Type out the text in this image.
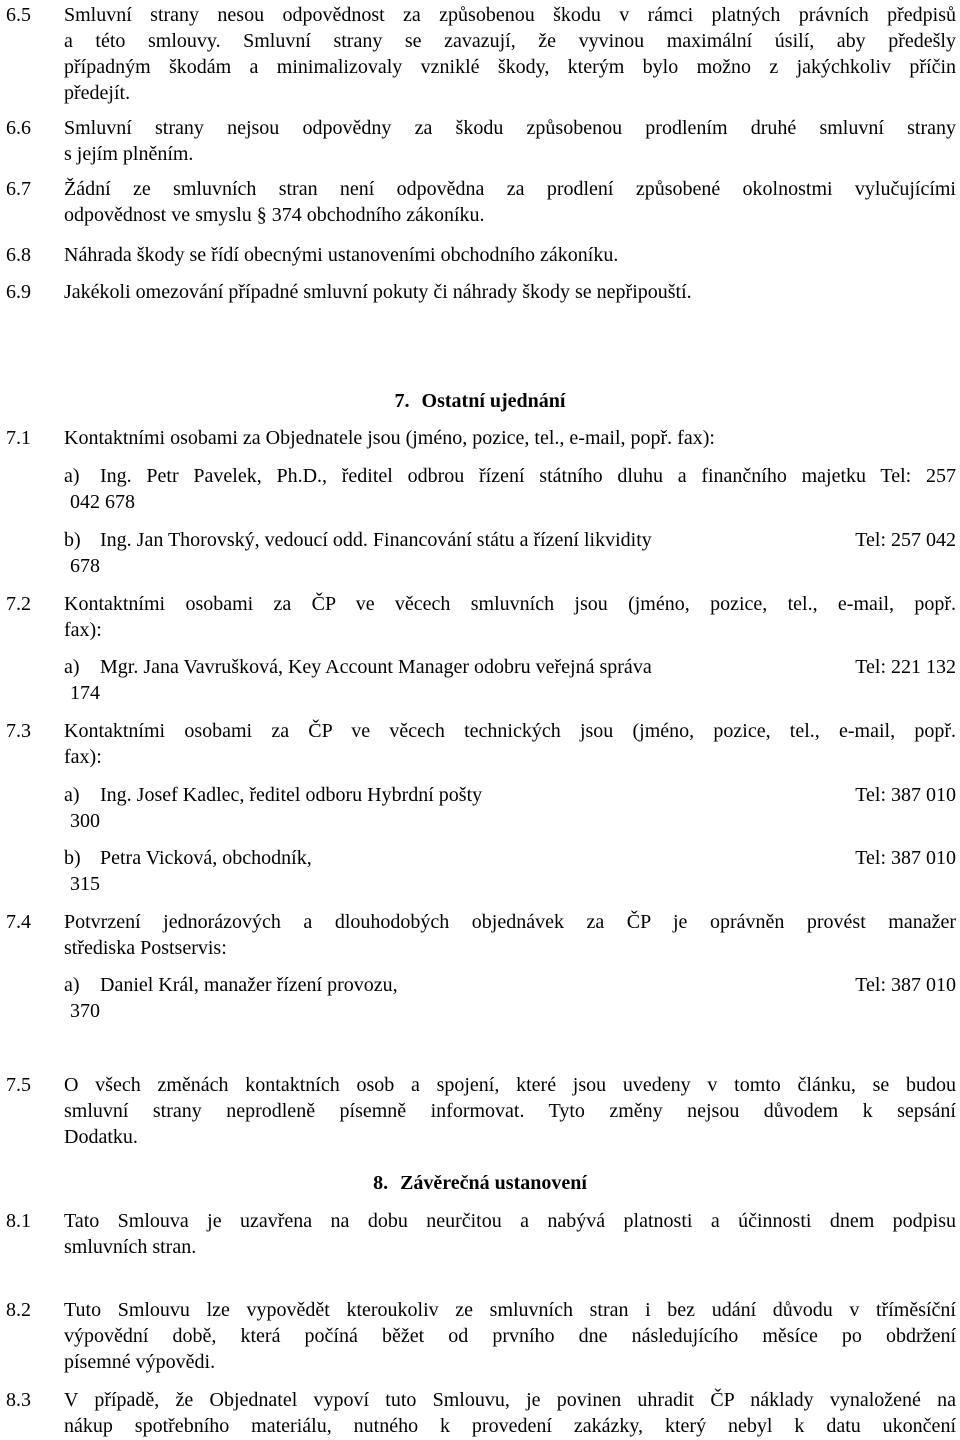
6.5 Smluvní strany nesou odpovědnost za způsobenou škodu v rámci platných právních předpisů
a této smlouvy. Smluvní strany se zavazují, že vyvinou maximální úsilí, aby předešly
případným škodám a minimalizovaly vzniklé škody, kterým bylo možno z jakýchkoliv příčin
předejít.
6.6 Smluvní strany nejsou odpovědny za škodu způsobenou prodlením druhé smluvní strany
s jejím plněním.
6.7 Žádní ze smluvních stran není odpovědna za prodlení způsobené okolnostmi vylučujícími
odpovědnost ve smyslu § 374 obchodního zákoníku.
6.8 Náhrada škody se řídí obecnými ustanoveními obchodního zákoníku.
6.9 Jakékoli omezování případné smluvní pokuty či náhrady škody se nepřipouští.
7. Ostatní ujednání
7.1 Kontaktními osobami za Objednatele jsou (jméno, pozice, tel., e-mail, popř. fax):
a) Ing. Petr Pavelek, Ph.D., ředitel odbrou řízení státního dluhu a finančního majetku Tel: 257
042 678
b) Ing. Jan Thorovský, vedoucí odd. Financování státu a řízení likvidity	Tel: 257 042
678
7.2 Kontaktními osobami za ČP ve věcech smluvních jsou (jméno, pozice, tel., e-mail, popř.
fax):
a) Mgr. Jana Vavrušková, Key Account Manager odobru veřejná správa	Tel: 221 132
174
7.3 Kontaktními osobami za ČP ve věcech technických jsou (jméno, pozice, tel., e-mail, popř.
fax):
a) Ing. Josef Kadlec, ředitel odboru Hybrdní pošty	Tel: 387 010
300
b) Petra Vicková, obchodník,	Tel: 387 010
315
7.4 Potvrzení jednorázových a dlouhodobých objednávek za ČP je oprávněn provést manažer
střediska Postservis:
a) Daniel Král, manažer řízení provozu,	Tel: 387 010
370
7.5 O všech změnách kontaktních osob a spojení, které jsou uvedeny v tomto článku, se budou
smluvní strany neprodleně písemně informovat. Tyto změny nejsou důvodem k sepsání
Dodatku.
8. Závěrečná ustanovení
8.1 Tato Smlouva je uzavřena na dobu neurčitou a nabývá platnosti a účinnosti dnem podpisu
smluvních stran.
8.2 Tuto Smlouvu lze vypovědět kteroukoliv ze smluvních stran i bez udání důvodu v tříměsíční
výpovědní době, která počíná běžet od prvního dne následujícího měsíce po obdržení
písemné výpovědi.
8.3 V případě, že Objednatel vypoví tuto Smlouvu, je povinen uhradit ČP náklady vynaložené na
nákup spotřebního materiálu, nutného k provedení zakázky, který nebyl k datu ukončení
